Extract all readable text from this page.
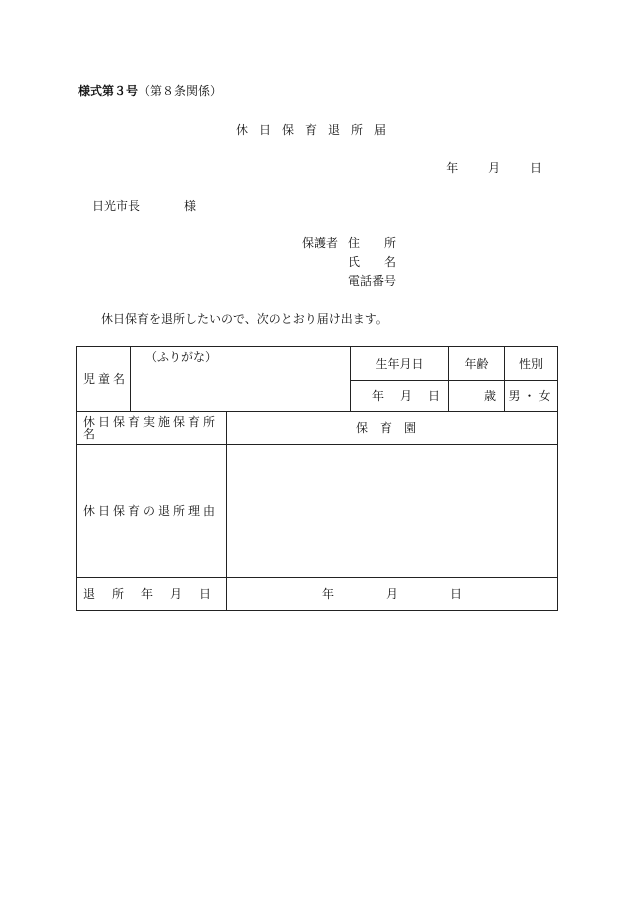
様式第３号（第８条関係）
休日保育退所届
年 月 日
日光市長	様
保護者 住　　所
氏　　名
電話番号
休日保育を退所したいので、次のとおり届け出ます。
児童名	（ふりがな）		生年月日	年齢	性別
			年 月 日	歳	男・女
休日保育実施保育所名		保育園			
休日保育の退所理由					
退 所 年 月 日		年 月 日			
